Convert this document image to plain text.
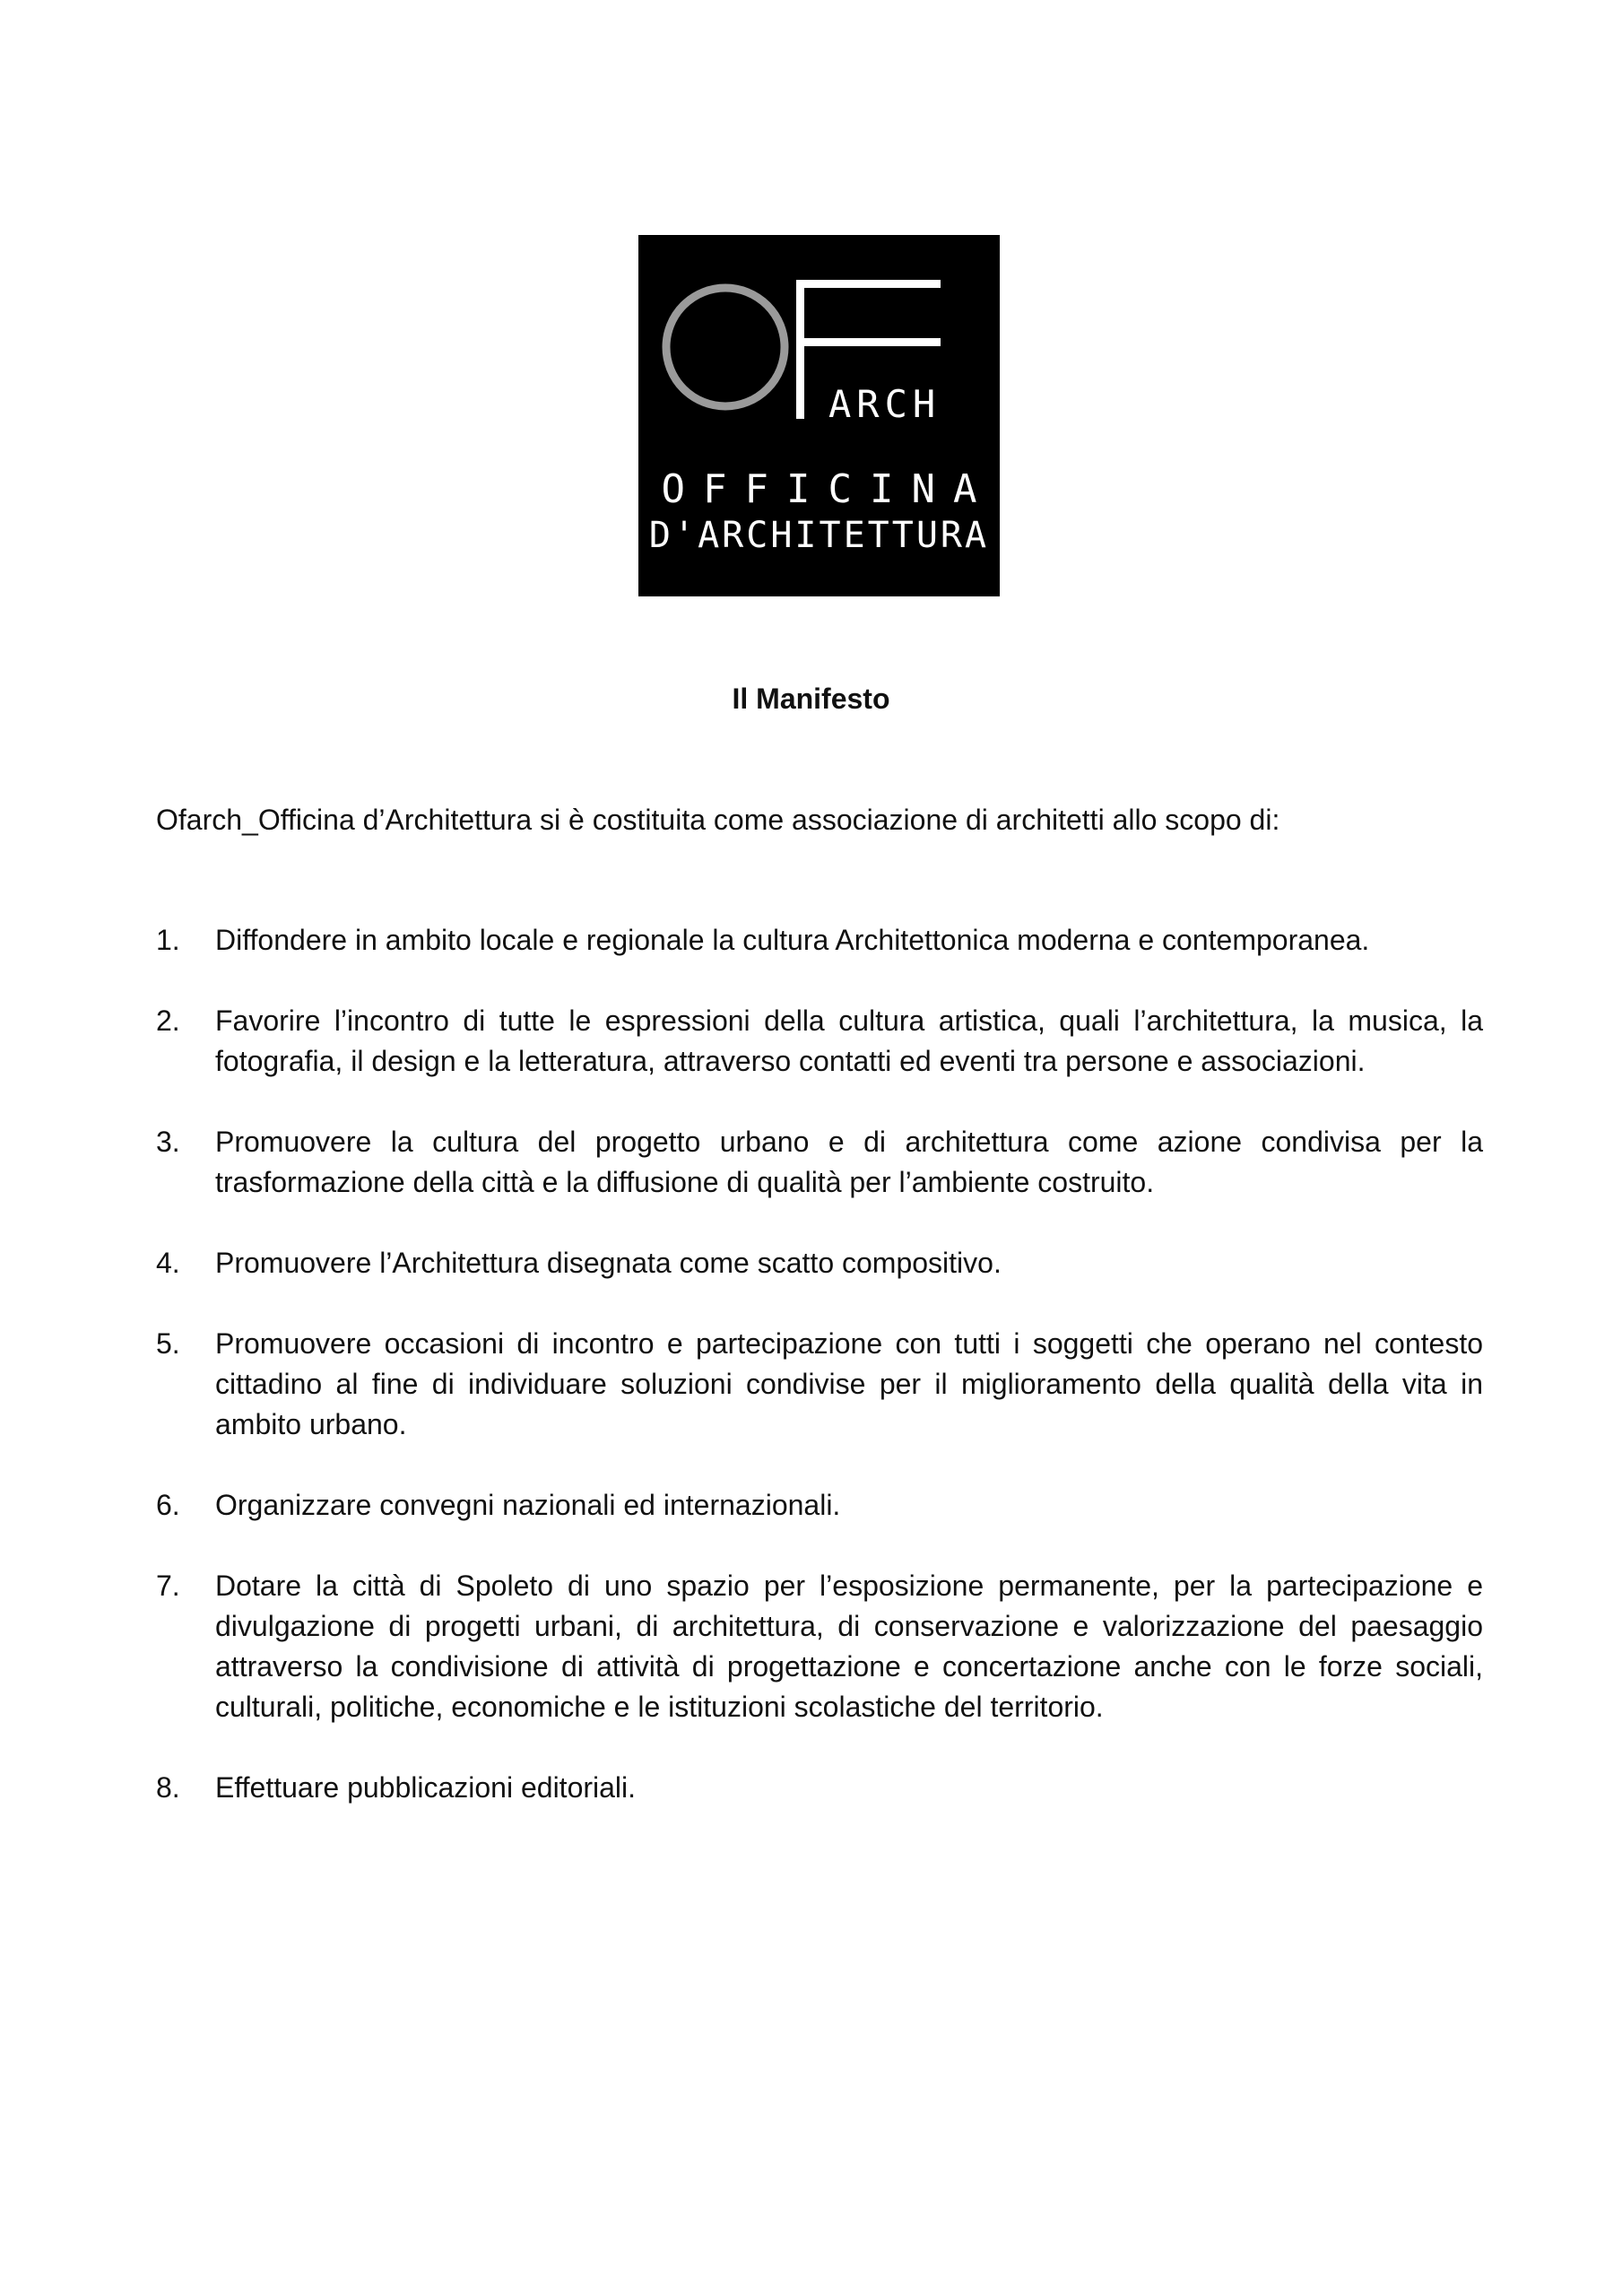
ARCH
OFFICINA
D'ARCHITETTURA
Il Manifesto
Ofarch_Officina d’Architettura si è costituita come associazione di architetti allo scopo di:
1. Diffondere in ambito locale e regionale la cultura Architettonica moderna e contemporanea.
2. Favorire l’incontro di tutte le espressioni della cultura artistica, quali l’architettura, la musica, la fotografia, il design e la letteratura, attraverso contatti ed eventi tra persone e associazioni.
3. Promuovere la cultura del progetto urbano e di architettura come azione condivisa per la trasformazione della città e la diffusione di qualità per l’ambiente costruito.
4. Promuovere l’Architettura disegnata come scatto compositivo.
5. Promuovere occasioni di incontro e partecipazione con tutti i soggetti che operano nel contesto cittadino al fine di individuare soluzioni condivise per il miglioramento della qualità della vita in ambito urbano.
6. Organizzare convegni nazionali ed internazionali.
7. Dotare la città di Spoleto di uno spazio per l’esposizione permanente, per la partecipazione e divulgazione di progetti urbani, di architettura, di conservazione e valorizzazione del paesaggio attraverso la condivisione di attività di progettazione e concertazione anche con le forze sociali, culturali, politiche, economiche e le istituzioni scolastiche del territorio.
8. Effettuare pubblicazioni editoriali.
